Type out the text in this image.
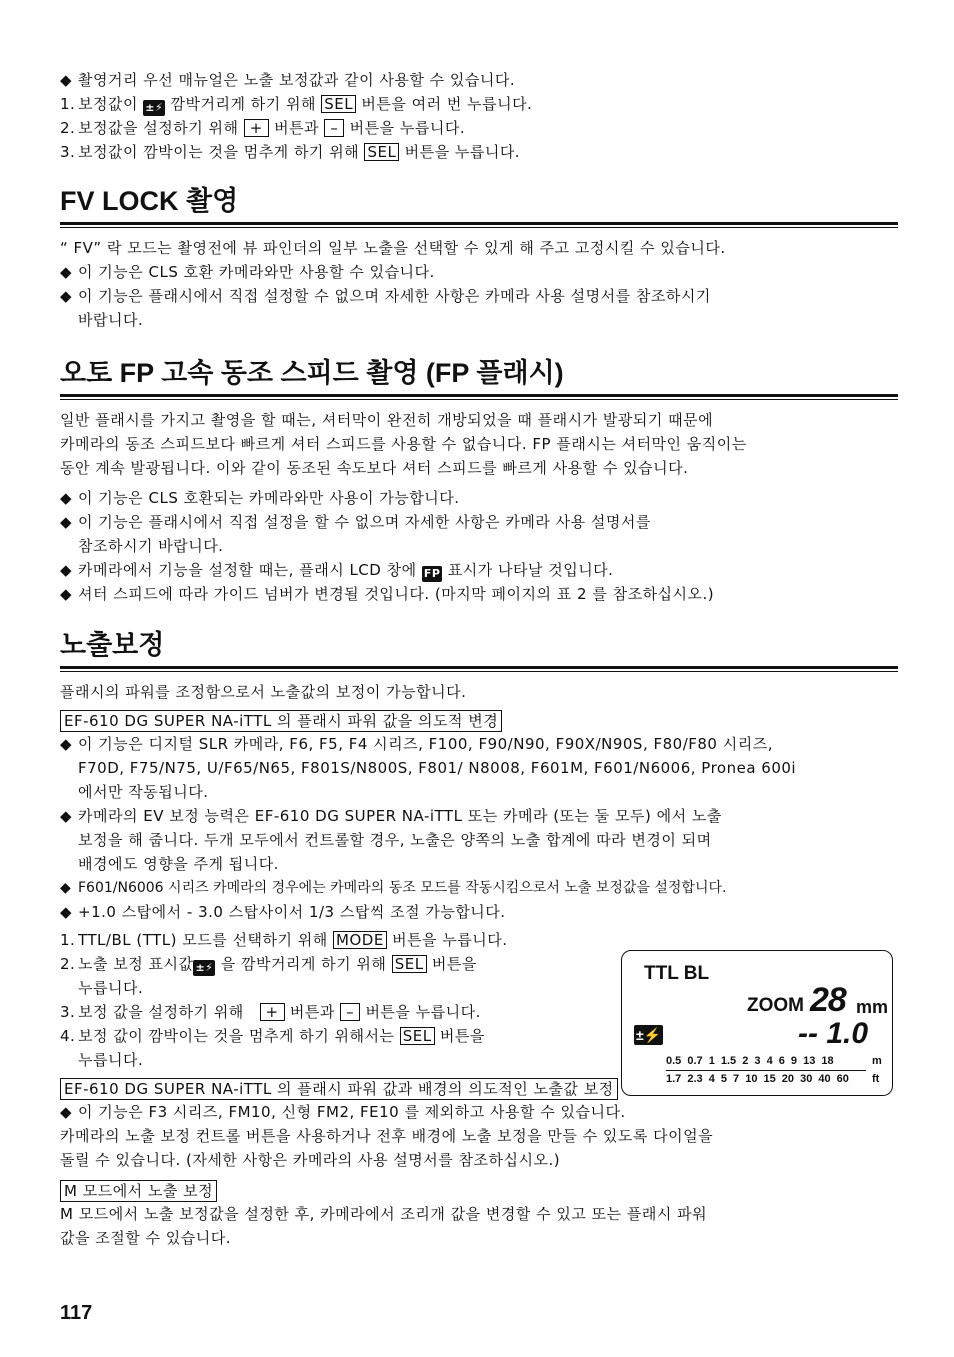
◆ 촬영거리 우선 매뉴얼은 노출 보정값과 같이 사용할 수 있습니다.
1. 보정값이 ±⚡ 깜박거리게 하기 위해 SEL 버튼을 여러 번 누릅니다.
2. 보정값을 설정하기 위해 + 버튼과 – 버튼을 누릅니다.
3. 보정값이 깜박이는 것을 멈추게 하기 위해 SEL 버튼을 누릅니다.
FV LOCK 촬영
“ FV” 락 모드는 촬영전에 뷰 파인더의 일부 노출을 선택할 수 있게 해 주고 고정시킬 수 있습니다.
◆ 이 기능은 CLS 호환 카메라와만 사용할 수 있습니다.
◆ 이 기능은 플래시에서 직접 설정할 수 없으며 자세한 사항은 카메라 사용 설명서를 참조하시기
바랍니다.
오토 FP 고속 동조 스피드 촬영 (FP 플래시)
일반 플래시를 가지고 촬영을 할 때는, 셔터막이 완전히 개방되었을 때 플래시가 발광되기 때문에
카메라의 동조 스피드보다 빠르게 셔터 스피드를 사용할 수 없습니다. FP 플래시는 셔터막인 움직이는
동안 계속 발광됩니다. 이와 같이 동조된 속도보다 셔터 스피드를 빠르게 사용할 수 있습니다.
◆ 이 기능은 CLS 호환되는 카메라와만 사용이 가능합니다.
◆ 이 기능은 플래시에서 직접 설정을 할 수 없으며 자세한 사항은 카메라 사용 설명서를
참조하시기 바랍니다.
◆ 카메라에서 기능을 설정할 때는, 플래시 LCD 창에 FP 표시가 나타날 것입니다.
◆ 셔터 스피드에 따라 가이드 넘버가 변경될 것입니다. (마지막 페이지의 표 2 를 참조하십시오.)
노출보정
플래시의 파워를 조정함으로서 노출값의 보정이 가능합니다.
EF-610 DG SUPER NA-iTTL 의 플래시 파워 값을 의도적 변경
◆ 이 기능은 디지털 SLR 카메라, F6, F5, F4 시리즈, F100, F90/N90, F90X/N90S, F80/F80 시리즈,
F70D, F75/N75, U/F65/N65, F801S/N800S, F801/ N8008, F601M, F601/N6006, Pronea 600i
에서만 작동됩니다.
◆ 카메라의 EV 보정 능력은 EF-610 DG SUPER NA-iTTL 또는 카메라 (또는 둘 모두) 에서 노출
보정을 해 줍니다. 두개 모두에서 컨트롤할 경우, 노출은 양쪽의 노출 합계에 따라 변경이 되며
배경에도 영향을 주게 됩니다.
◆ F601/N6006 시리즈 카메라의 경우에는 카메라의 동조 모드를 작동시킴으로서 노출 보정값을 설정합니다.
◆ +1.0 스탑에서 - 3.0 스탑사이서 1/3 스탑씩 조절 가능합니다.
1. TTL/BL (TTL) 모드를 선택하기 위해 MODE 버튼을 누릅니다.
2. 노출 보정 표시값 ±⚡ 을 깜박거리게 하기 위해 SEL 버튼을
누릅니다.
3. 보정 값을 설정하기 위해 + 버튼과 – 버튼을 누릅니다.
4. 보정 값이 깜박이는 것을 멈추게 하기 위해서는 SEL 버튼을
누릅니다.
EF-610 DG SUPER NA-iTTL 의 플래시 파워 값과 배경의 의도적인 노출값 보정
◆ 이 기능은 F3 시리즈, FM10, 신형 FM2, FE10 를 제외하고 사용할 수 있습니다.
카메라의 노출 보정 컨트롤 버튼을 사용하거나 전후 배경에 노출 보정을 만들 수 있도록 다이얼을
돌릴 수 있습니다. (자세한 사항은 카메라의 사용 설명서를 참조하십시오.)
M 모드에서 노출 보정
M 모드에서 노출 보정값을 설정한 후, 카메라에서 조리개 값을 변경할 수 있고 또는 플래시 파워
값을 조절할 수 있습니다.
TTL BL
ZOOM 28 mm
±⚡	-- 1.0
0.5 0.7 1 1.5 2 3 4 6 9 13 18	m
1.7 2.3 4 5 7 10 15 20 30 40 60 ft
117
